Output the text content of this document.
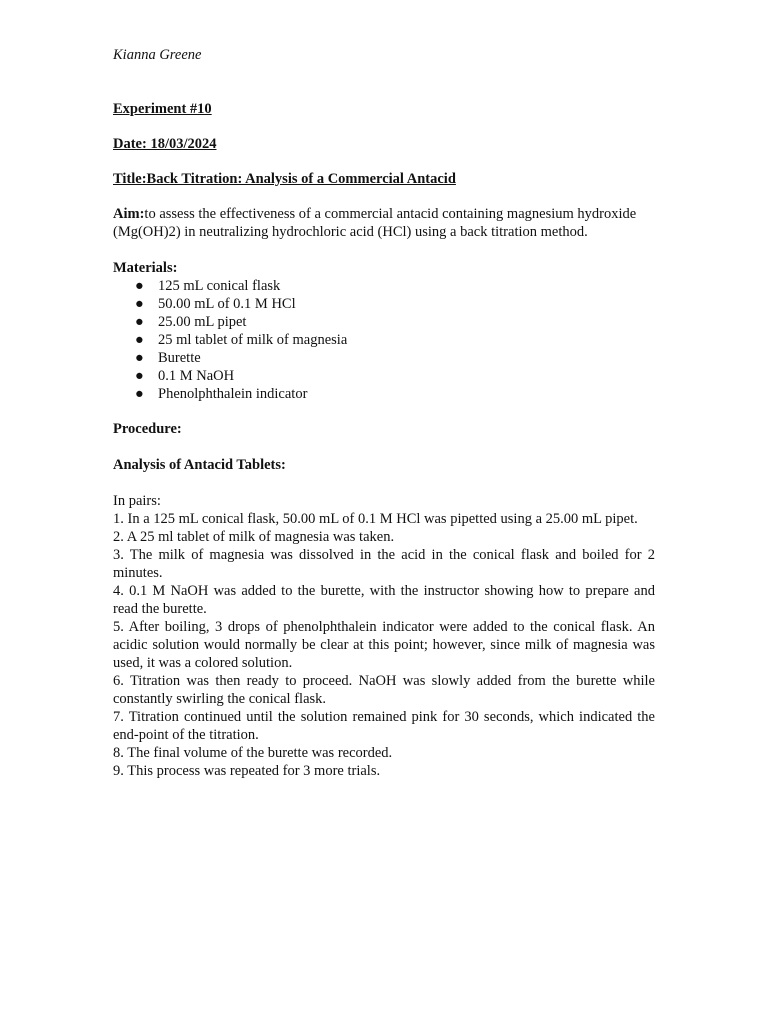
Kianna Greene

Experiment #10

Date: 18/03/2024

Title:Back Titration: Analysis of a Commercial Antacid

Aim:to assess the effectiveness of a commercial antacid containing magnesium hydroxide (Mg(OH)2) in neutralizing hydrochloric acid (HCl) using a back titration method.

Materials:

● 125 mL conical flask
● 50.00 mL of 0.1 M HCl
● 25.00 mL pipet
● 25 ml tablet of milk of magnesia
● Burette
● 0.1 M NaOH
● Phenolphthalein indicator

Procedure:

Analysis of Antacid Tablets:

In pairs:

1. In a 125 mL conical flask, 50.00 mL of 0.1 M HCl was pipetted using a 25.00 mL pipet.
2. A 25 ml tablet of milk of magnesia was taken.
3. The milk of magnesia was dissolved in the acid in the conical flask and boiled for 2 minutes.
4. 0.1 M NaOH was added to the burette, with the instructor showing how to prepare and read the burette.
5. After boiling, 3 drops of phenolphthalein indicator were added to the conical flask. An acidic solution would normally be clear at this point; however, since milk of magnesia was used, it was a colored solution.
6. Titration was then ready to proceed. NaOH was slowly added from the burette while constantly swirling the conical flask.
7. Titration continued until the solution remained pink for 30 seconds, which indicated the end-point of the titration.
8. The final volume of the burette was recorded.
9. This process was repeated for 3 more trials.
